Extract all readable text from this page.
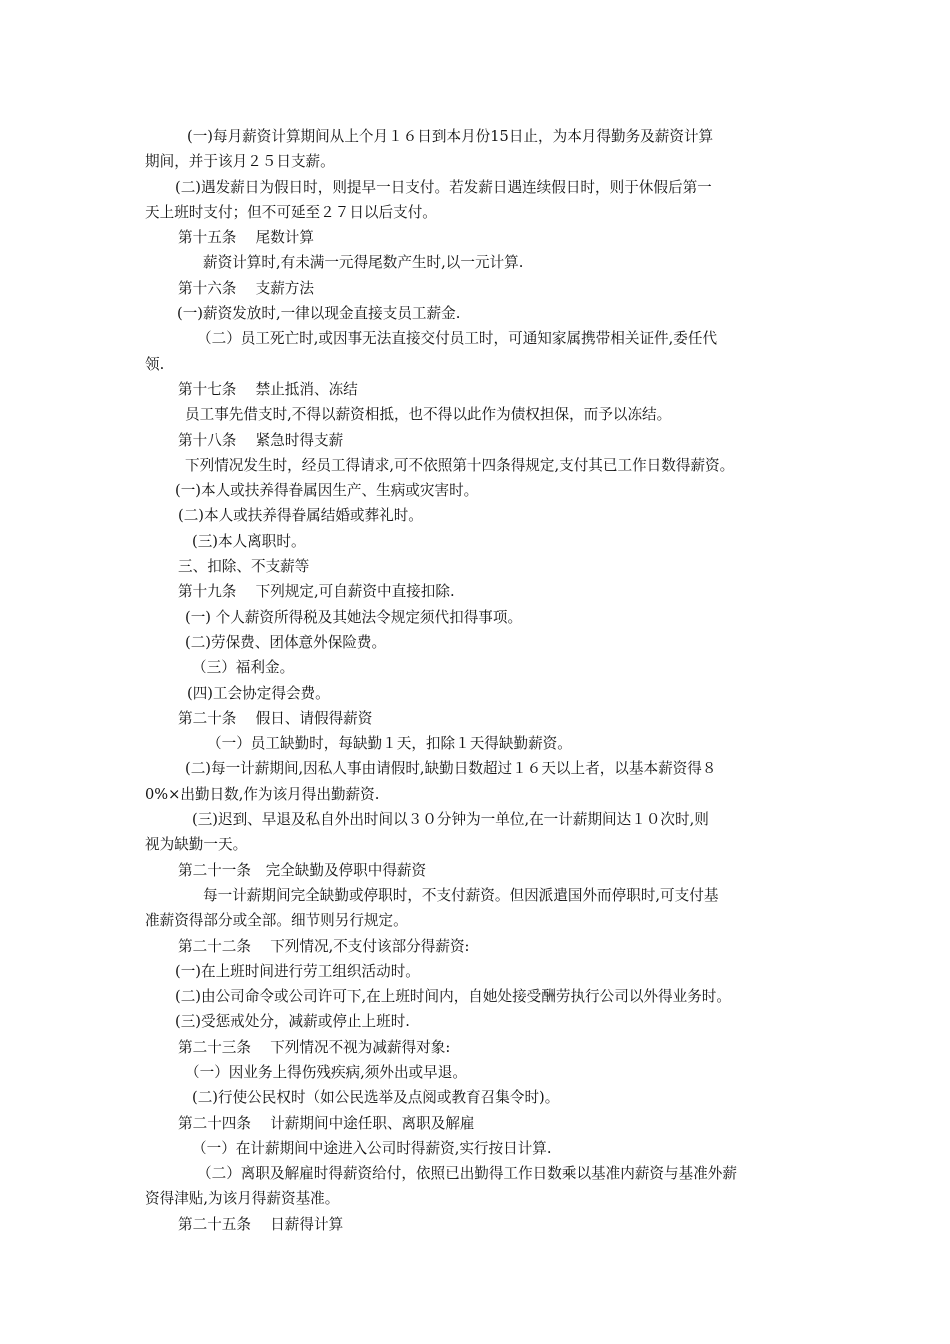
(一)每月薪资计算期间从上个月１６日到本月份15日止，为本月得勤务及薪资计算
期间，并于该月２５日支薪。
(二)遇发薪日为假日时，则提早一日支付。若发薪日遇连续假日时，则于休假后第一
天上班时支付；但不可延至２７日以后支付。
第十五条　 尾数计算
薪资计算时,有未满一元得尾数产生时,以一元计算.
第十六条　 支薪方法
(一)薪资发放时,一律以现金直接支员工薪金.
（二）员工死亡时,或因事无法直接交付员工时，可通知家属携带相关证件,委任代
领.
第十七条　 禁止抵消、冻结
员工事先借支时,不得以薪资相抵，也不得以此作为债权担保，而予以冻结。
第十八条　 紧急时得支薪
下列情况发生时，经员工得请求,可不依照第十四条得规定,支付其已工作日数得薪资。
(一)本人或扶养得眷属因生产、生病或灾害时。
(二)本人或扶养得眷属结婚或葬礼时。
(三)本人离职时。
三、扣除、不支薪等
第十九条　 下列规定,可自薪资中直接扣除.
(一) 个人薪资所得税及其她法令规定须代扣得事项。
(二)劳保费、团体意外保险费。
（三）福利金。
(四)工会协定得会费。
第二十条　 假日、请假得薪资
（一）员工缺勤时，每缺勤１天，扣除１天得缺勤薪资。
(二)每一计薪期间,因私人事由请假时,缺勤日数超过１６天以上者，以基本薪资得８
0%×出勤日数,作为该月得出勤薪资.
(三)迟到、早退及私自外出时间以３０分钟为一单位,在一计薪期间达１０次时,则
视为缺勤一天。
第二十一条　完全缺勤及停职中得薪资
每一计薪期间完全缺勤或停职时，不支付薪资。但因派遣国外而停职时,可支付基
准薪资得部分或全部。细节则另行规定。
第二十二条　 下列情况,不支付该部分得薪资:
(一)在上班时间进行劳工组织活动时。
(二)由公司命令或公司许可下,在上班时间内，自她处接受酬劳执行公司以外得业务时。
(三)受惩戒处分，减薪或停止上班时.
第二十三条　 下列情况不视为减薪得对象:
（一）因业务上得伤残疾病,须外出或早退。
(二)行使公民权时（如公民选举及点阅或教育召集令时)。
第二十四条　 计薪期间中途任职、离职及解雇
（一）在计薪期间中途进入公司时得薪资,实行按日计算.
（二）离职及解雇时得薪资给付，依照已出勤得工作日数乘以基准内薪资与基准外薪
资得津贴,为该月得薪资基准。
第二十五条　 日薪得计算
